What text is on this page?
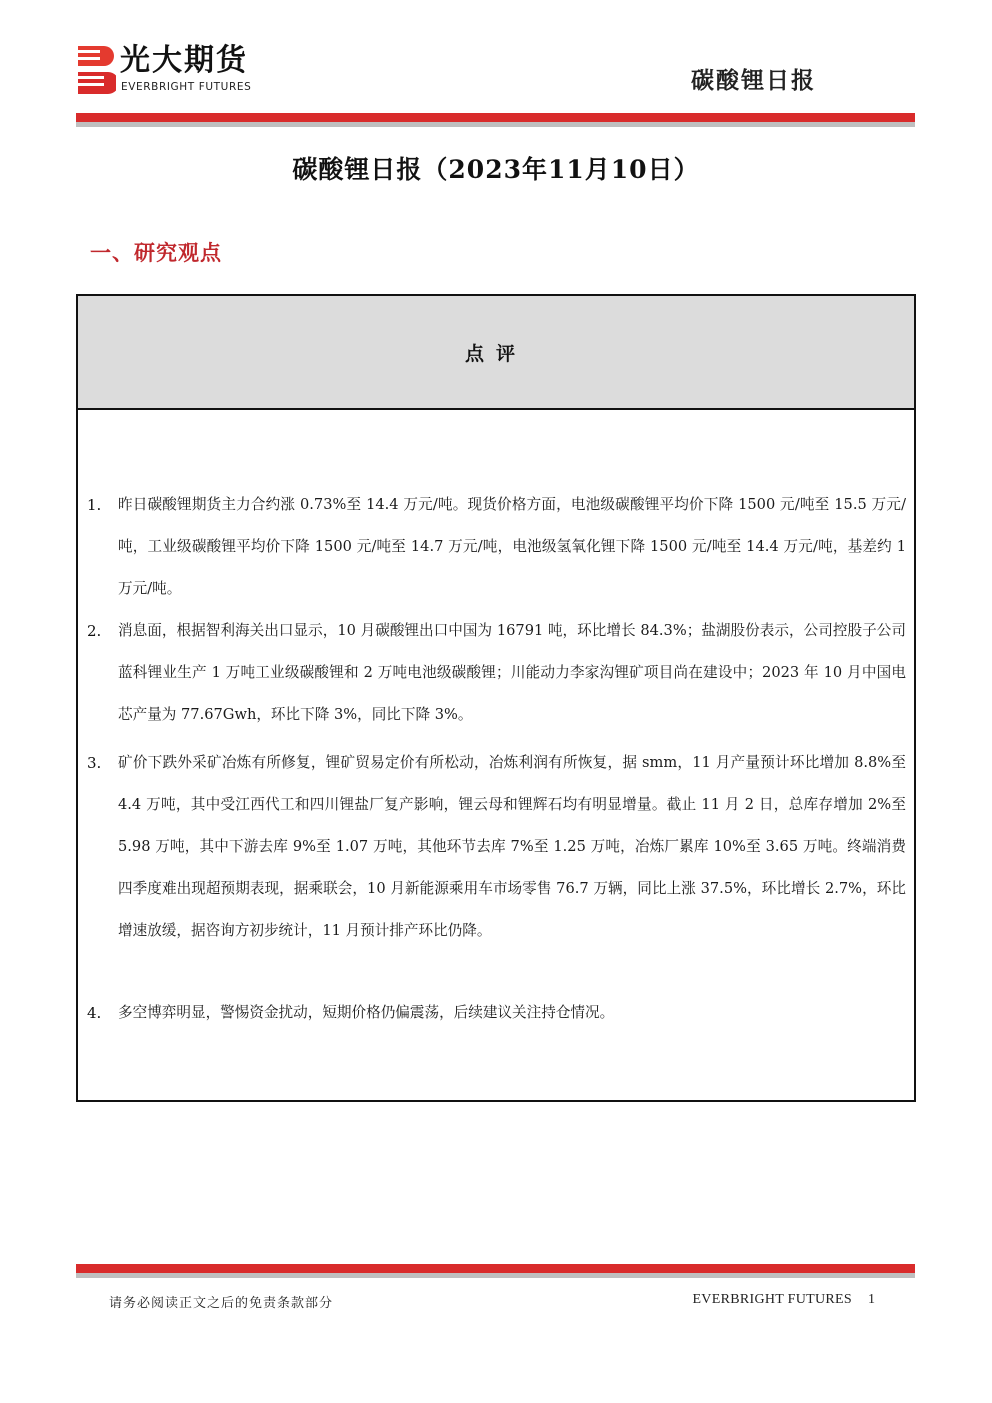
光大期货
EVERBRIGHT FUTURES	碳酸锂日报
碳酸锂日报（2023年11月10日）
一、研究观点
点评
1. 昨日碳酸锂期货主力合约涨 0.73%至 14.4 万元/吨。现货价格方面，电池级碳酸锂平均价下降 1500 元/吨至 15.5 万元/吨，工业级碳酸锂平均价下降 1500 元/吨至 14.7 万元/吨，电池级氢氧化锂下降 1500 元/吨至 14.4 万元/吨，基差约 1 万元/吨。
2. 消息面，根据智利海关出口显示，10 月碳酸锂出口中国为 16791 吨，环比增长 84.3%；盐湖股份表示，公司控股子公司蓝科锂业生产 1 万吨工业级碳酸锂和 2 万吨电池级碳酸锂；川能动力李家沟锂矿项目尚在建设中；2023 年 10 月中国电芯产量为 77.67Gwh，环比下降 3%，同比下降 3%。
3. 矿价下跌外采矿冶炼有所修复，锂矿贸易定价有所松动，冶炼利润有所恢复，据 smm，11 月产量预计环比增加 8.8%至 4.4 万吨，其中受江西代工和四川锂盐厂复产影响，锂云母和锂辉石均有明显增量。截止 11 月 2 日，总库存增加 2%至 5.98 万吨，其中下游去库 9%至 1.07 万吨，其他环节去库 7%至 1.25 万吨，冶炼厂累库 10%至 3.65 万吨。终端消费四季度难出现超预期表现，据乘联会，10 月新能源乘用车市场零售 76.7 万辆，同比上涨 37.5%，环比增长 2.7%，环比增速放缓，据咨询方初步统计，11 月预计排产环比仍降。
4. 多空博弈明显，警惕资金扰动，短期价格仍偏震荡，后续建议关注持仓情况。
请务必阅读正文之后的免责条款部分	EVERBRIGHT FUTURES 1
